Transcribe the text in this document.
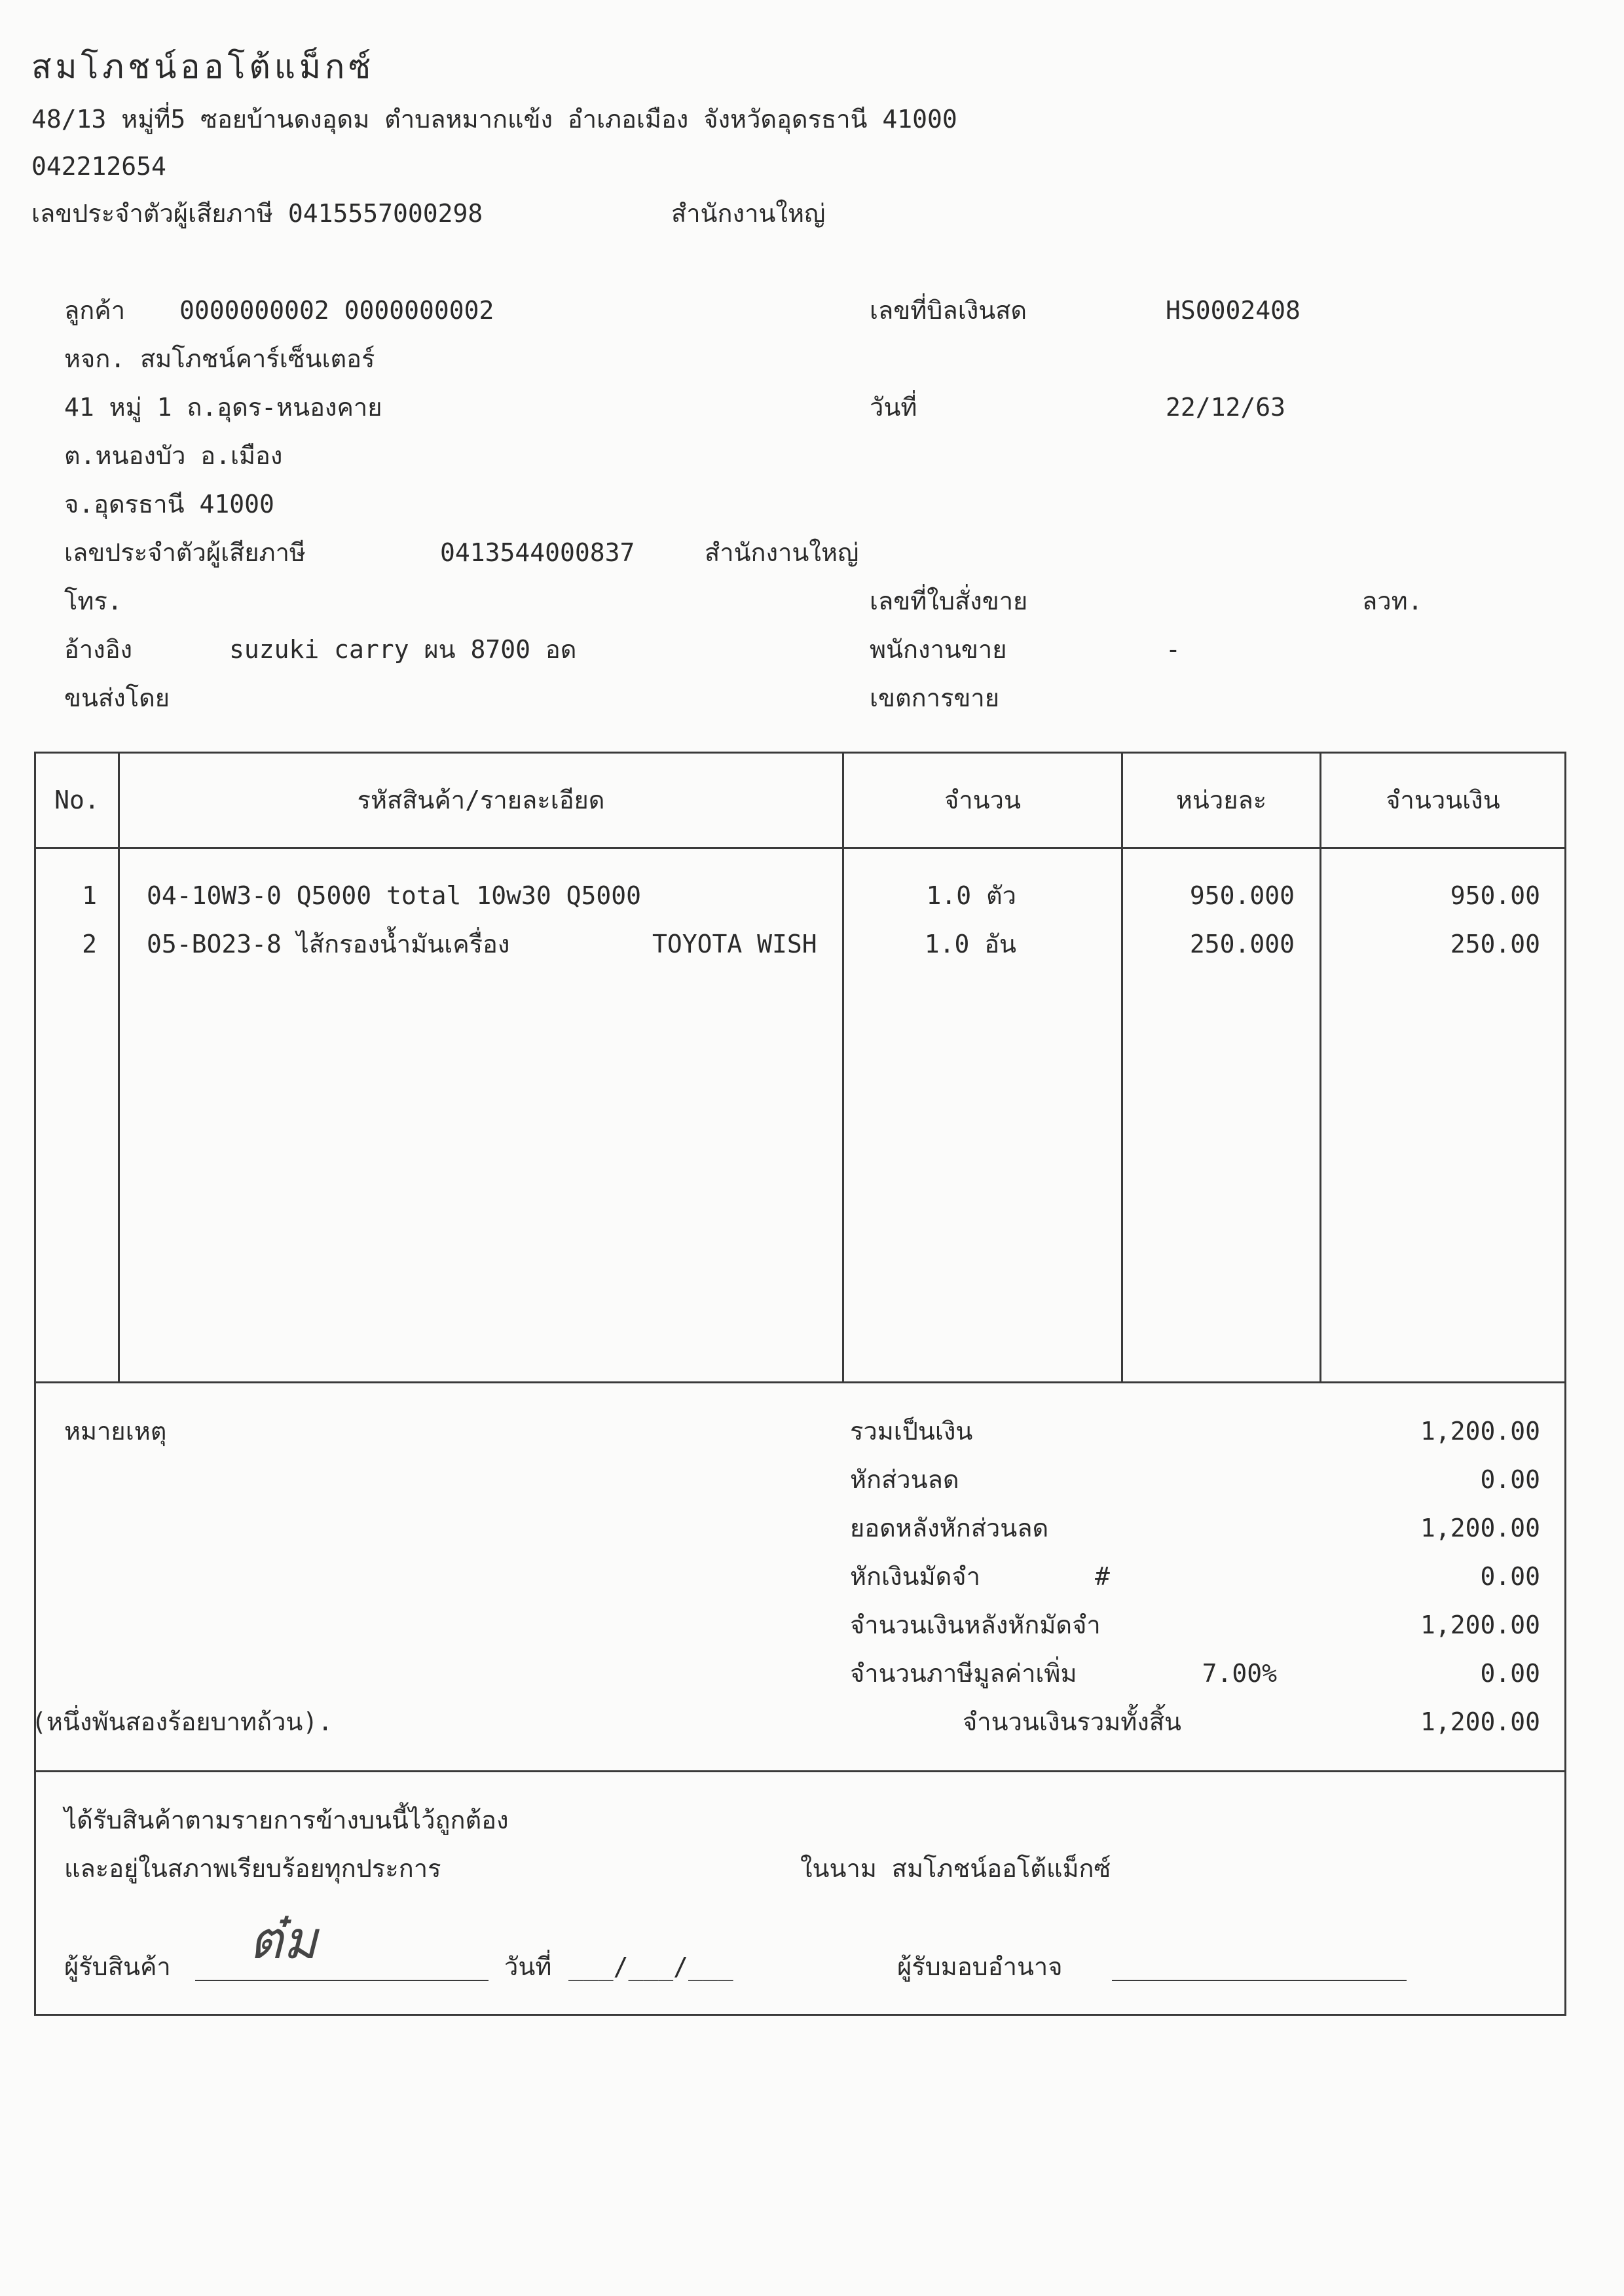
สมโภชน์ออโต้แม็กซ์
48/13 หมู่ที่5 ซอยบ้านดงอุดม ตำบลหมากแข้ง อำเภอเมือง จังหวัดอุดรธานี 41000
042212654
เลขประจำตัวผู้เสียภาษี 0415557000298	สำนักงานใหญ่
ลูกค้า 0000000002 0000000002
หจก. สมโภชน์คาร์เซ็นเตอร์
41 หมู่ 1 ถ.อุดร-หนองคาย
ต.หนองบัว อ.เมือง
จ.อุดรธานี 41000
เลขประจำตัวผู้เสียภาษี	0413544000837	สำนักงานใหญ่
โทร.
อ้างอิง	suzuki carry ผน 8700 อด
ขนส่งโดย
เลขที่บิลเงินสด	HS0002408
วันที่	22/12/63
เลขที่ใบสั่งขาย	ลวท.
พนักงานขาย	-
เขตการขาย
No.	รหัสสินค้า/รายละเอียด	จำนวน	หน่วยละ	จำนวนเงิน
1 04-10W3-0 Q5000 total 10w30 Q5000	1.0 ตัว	950.000	950.00
2 05-BO23-8 ไส้กรองน้ำมันเครื่อง	TOYOTA WISH	1.0 อัน	250.000	250.00
หมายเหตุ	รวมเป็นเงิน	1,200.00
หักส่วนลด	0.00
ยอดหลังหักส่วนลด	1,200.00
หักเงินมัดจำ	#	0.00
จำนวนเงินหลังหักมัดจำ	1,200.00
จำนวนภาษีมูลค่าเพิ่ม	7.00%	0.00
(หนึ่งพันสองร้อยบาทถ้วน).	จำนวนเงินรวมทั้งสิ้น	1,200.00
ได้รับสินค้าตามรายการข้างบนนี้ไว้ถูกต้อง
และอยู่ในสภาพเรียบร้อยทุกประการ	ในนาม สมโภชน์ออโต้แม็กซ์
ผู้รับสินค้า ต๋ม	วันที่ ___/___/___	ผู้รับมอบอำนาจ
